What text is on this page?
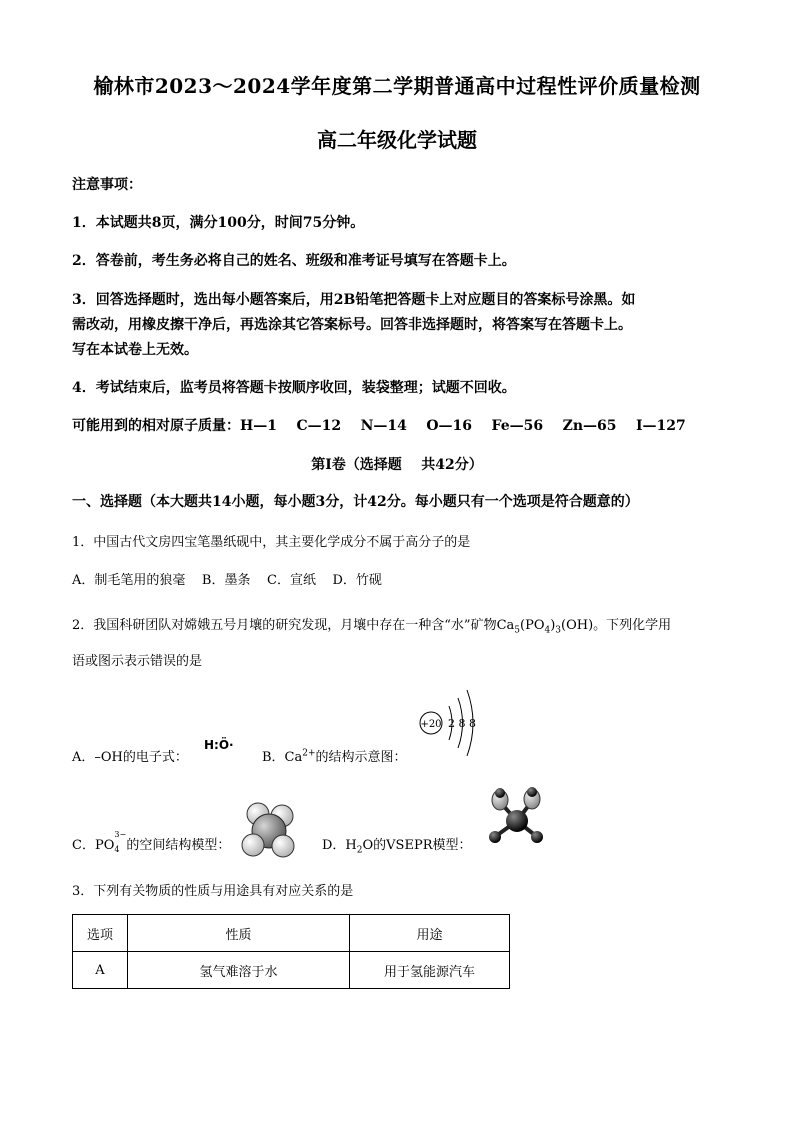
榆林市2023～2024学年度第二学期普通高中过程性评价质量检测
高二年级化学试题
注意事项：
1．本试题共8页，满分100分，时间75分钟。
2．答卷前，考生务必将自己的姓名、班级和准考证号填写在答题卡上。
3．回答选择题时，选出每小题答案后，用2B铅笔把答题卡上对应题目的答案标号涂黑。如
需改动，用橡皮擦干净后，再选涂其它答案标号。回答非选择题时，将答案写在答题卡上。
写在本试卷上无效。
4．考试结束后，监考员将答题卡按顺序收回，装袋整理；试题不回收。
可能用到的相对原子质量：H—1    C—12    N—14    O—16    Fe—56    Zn—65    I—127
第I卷（选择题    共42分）
一、选择题（本大题共14小题，每小题3分，计42分。每小题只有一个选项是符合题意的）
1．中国古代文房四宝笔墨纸砚中，其主要化学成分不属于高分子的是
A．制毛笔用的狼毫    B．墨条    C．宣纸    D．竹砚
2．我国科研团队对嫦娥五号月壤的研究发现，月壤中存在一种含“水”矿物$Ca_5(PO_4)_3(OH)$。下列化学用
语或图示表示错误的是
A．–OH的电子式：
H:Ö·
B．$Ca^{2+}$的结构示意图：
+20 2 8 8
C．PO
3−
4 的空间结构模型：	D．$H_2O$的VSEPR模型：
3．下列有关物质的性质与用途具有对应关系的是
选项	性质	用途
A	氢气难溶于水	用于氢能源汽车
